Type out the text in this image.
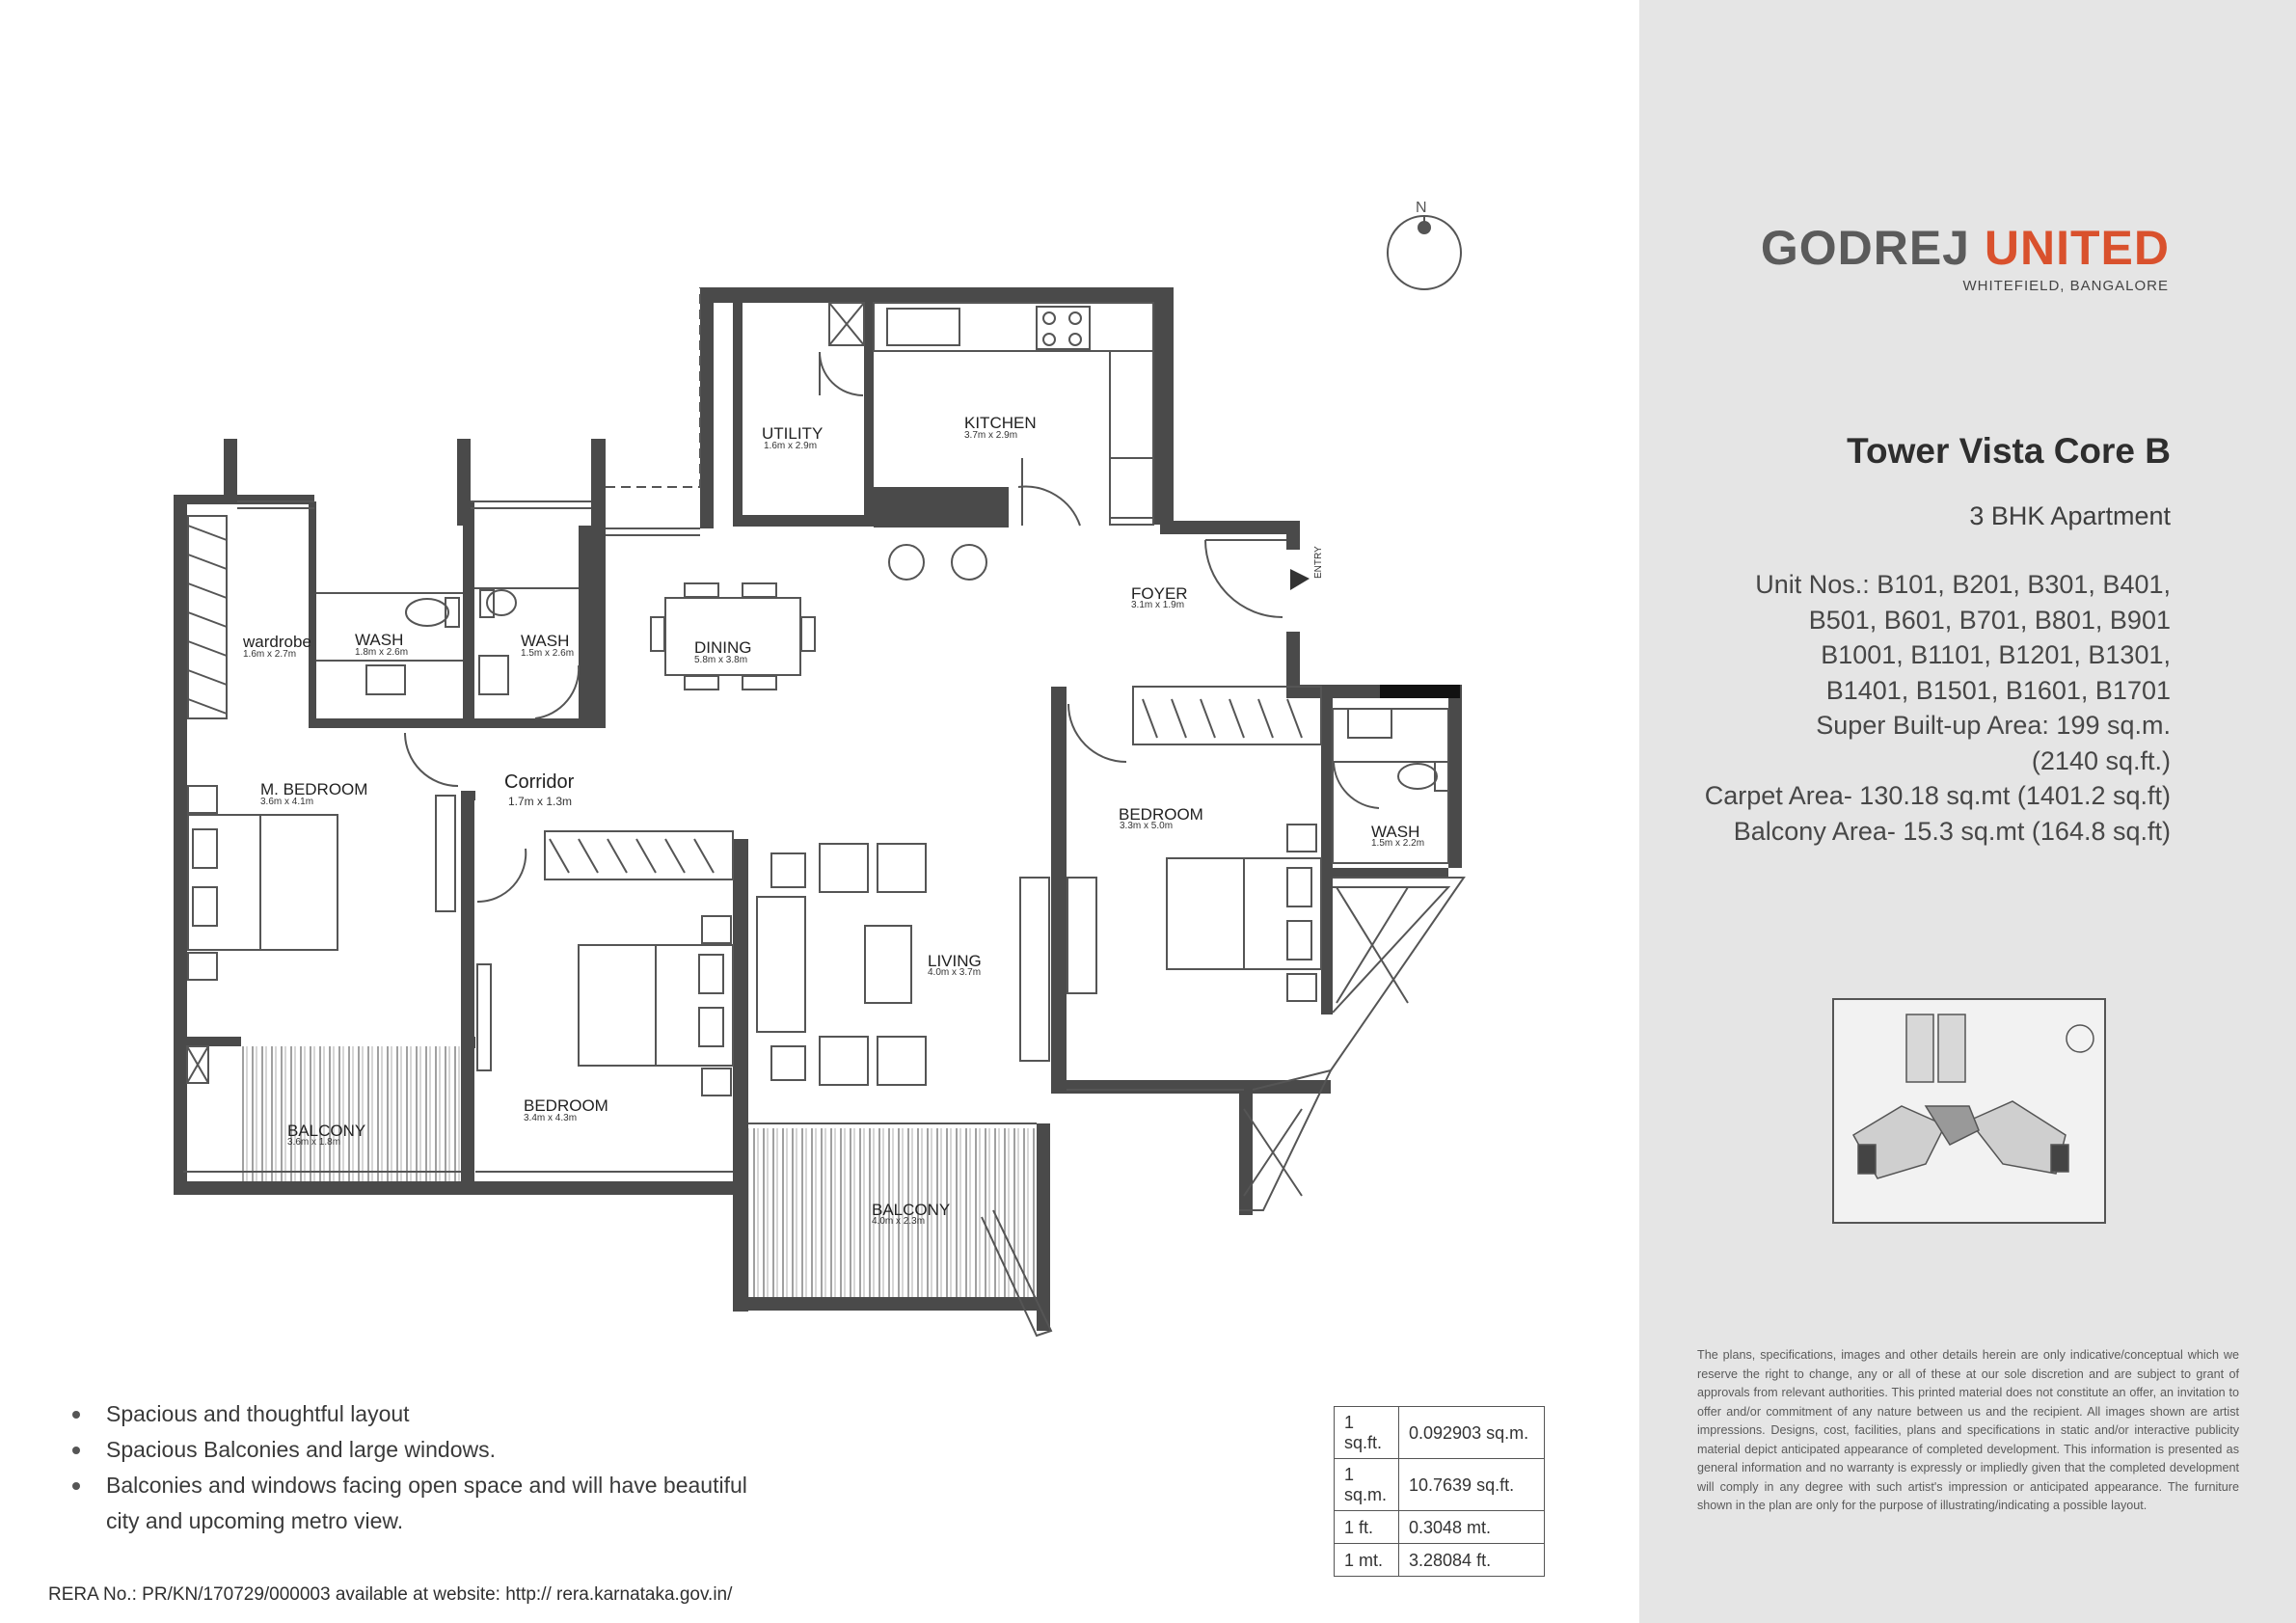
GODREJ UNITED
WHITEFIELD, BANGALORE
Tower Vista Core B
3 BHK Apartment
Unit Nos.: B101, B201, B301, B401,
B501, B601, B701, B801, B901
B1001, B1101, B1201, B1301,
B1401, B1501, B1601, B1701
Super Built-up Area: 199 sq.m.
(2140 sq.ft.)
Carpet Area- 130.18 sq.mt (1401.2 sq.ft)
Balcony Area- 15.3 sq.mt (164.8 sq.ft)
The plans, specifications, images and other details herein are only indicative/conceptual which we reserve the right to change, any or all of these at our sole discretion and are subject to grant of approvals from relevant authorities. This printed material does not constitute an offer, an invitation to offer and/or commitment of any nature between us and the recipient. All images shown are artist impressions. Designs, cost, facilities, plans and specifications in static and/or interactive publicity material depict anticipated appearance of completed development. This information is presented as general information and no warranty is expressly or impliedly given that the completed development will comply in any degree with such artist's impression or anticipated appearance. The furniture shown in the plan are only for the purpose of illustrating/indicating a possible layout.
N
UTILITY
1.6m x 2.9m
KITCHEN
3.7m x 2.9m
FOYER
3.1m x 1.9m
ENTRY
DINING
5.8m x 3.8m
wardrobe
1.6m x 2.7m
WASH
1.8m x 2.6m
WASH
1.5m x 2.6m
WASH
1.5m x 2.2m
M. BEDROOM
3.6m x 4.1m
Corridor
1.7m x 1.3m
BEDROOM
3.3m x 5.0m
LIVING
4.0m x 3.7m
BEDROOM
3.4m x 4.3m
BALCONY
3.6m x 1.8m
BALCONY
4.0m x 2.3m
Spacious and thoughtful layout
Spacious Balconies and large windows.
Balconies and windows facing open space and will have beautiful city and upcoming metro view.
1 sq.ft.	0.092903 sq.m.
1 sq.m.	10.7639 sq.ft.
1 ft.	0.3048 mt.
1 mt.	3.28084 ft.
RERA No.: PR/KN/170729/000003 available at website: http:// rera.karnataka.gov.in/
